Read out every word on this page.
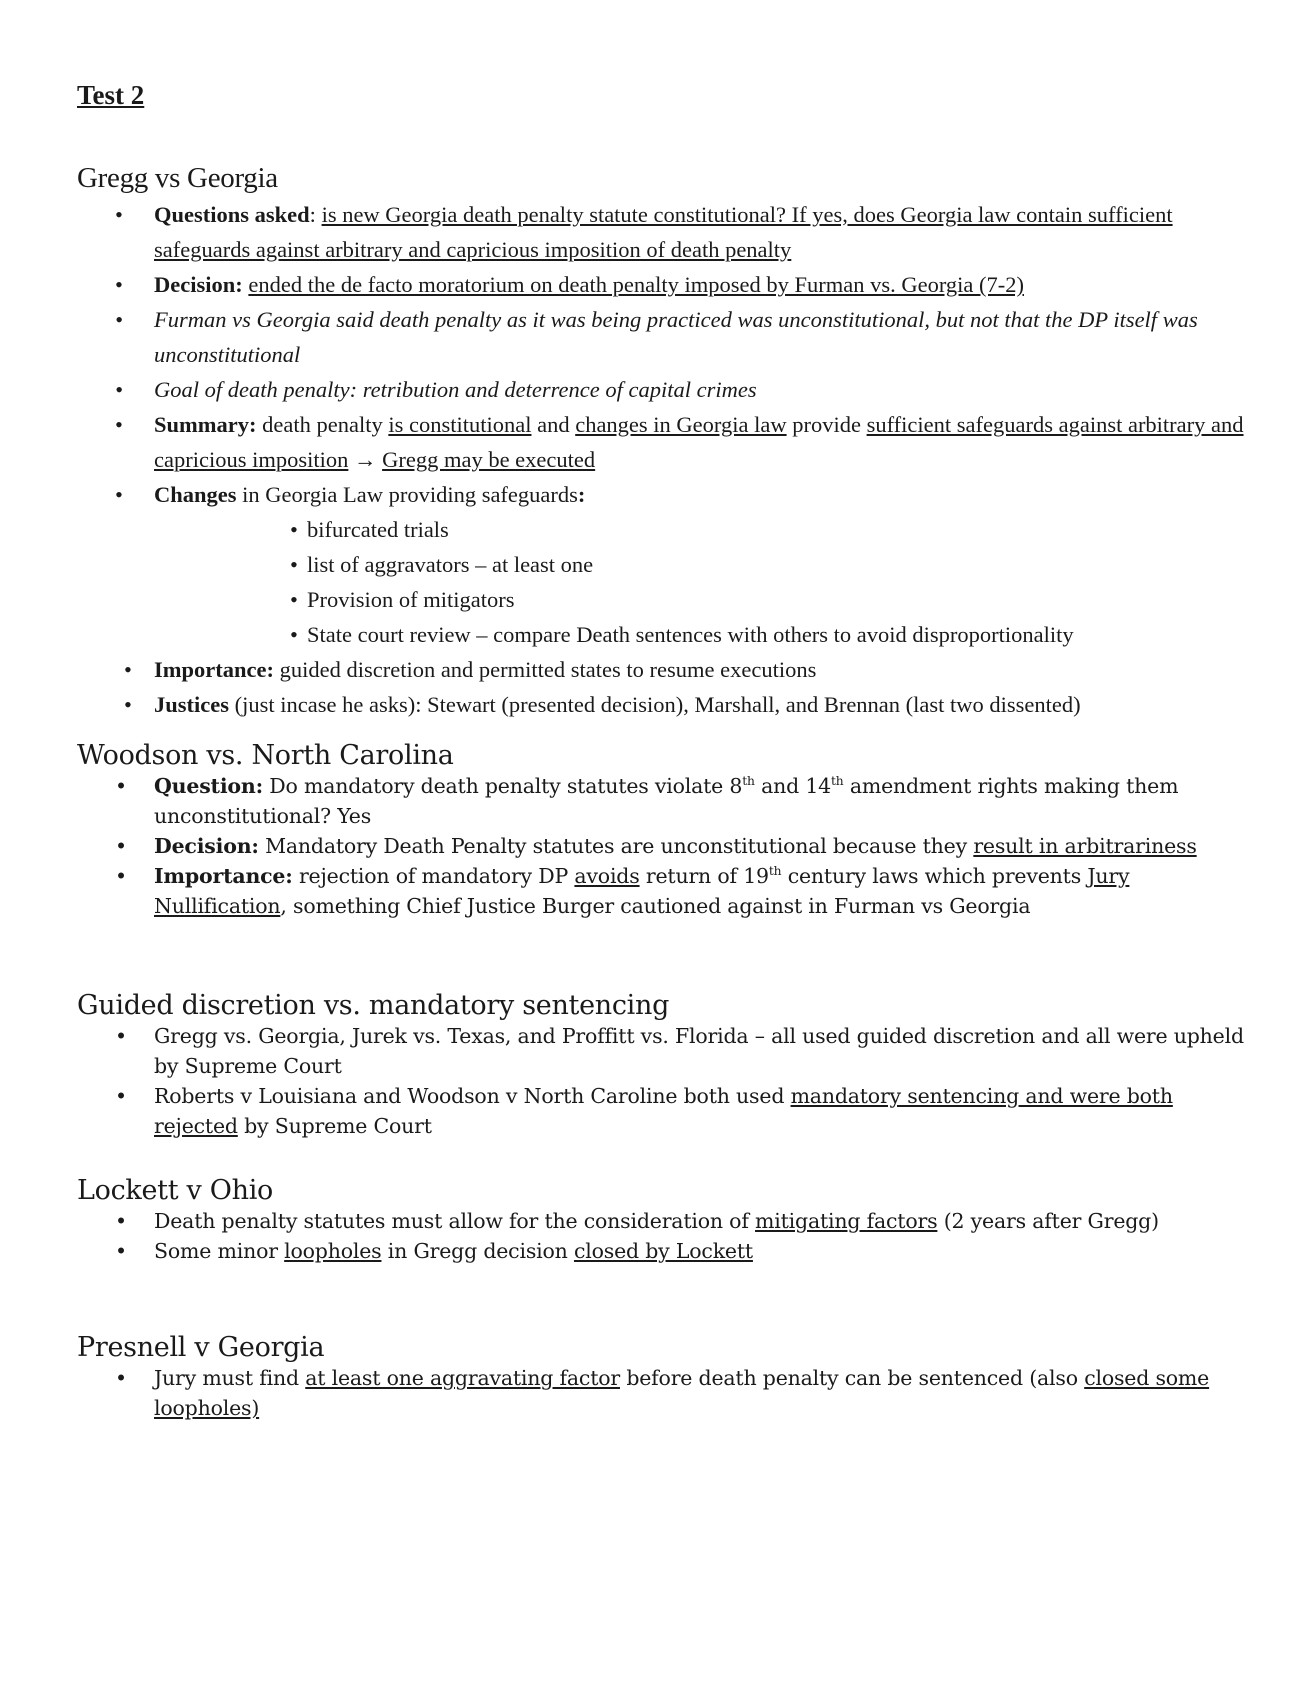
Test 2
Gregg vs Georgia
• Questions asked: is new Georgia death penalty statute constitutional? If yes, does Georgia law contain sufficient safeguards against arbitrary and capricious imposition of death penalty
• Decision: ended the de facto moratorium on death penalty imposed by Furman vs. Georgia (7-2)
• Furman vs Georgia said death penalty as it was being practiced was unconstitutional, but not that the DP itself was unconstitutional
• Goal of death penalty: retribution and deterrence of capital crimes
• Summary: death penalty is constitutional and changes in Georgia law provide sufficient safeguards against arbitrary and capricious imposition → Gregg may be executed
• Changes in Georgia Law providing safeguards:
• bifurcated trials
• list of aggravators – at least one
• Provision of mitigators
• State court review – compare Death sentences with others to avoid disproportionality
• Importance: guided discretion and permitted states to resume executions
• Justices (just incase he asks): Stewart (presented decision), Marshall, and Brennan (last two dissented)
Woodson vs. North Carolina
• Question: Do mandatory death penalty statutes violate 8th and 14th amendment rights making them unconstitutional? Yes
• Decision: Mandatory Death Penalty statutes are unconstitutional because they result in arbitrariness
• Importance: rejection of mandatory DP avoids return of 19th century laws which prevents Jury Nullification, something Chief Justice Burger cautioned against in Furman vs Georgia
Guided discretion vs. mandatory sentencing
• Gregg vs. Georgia, Jurek vs. Texas, and Proffitt vs. Florida – all used guided discretion and all were upheld by Supreme Court
• Roberts v Louisiana and Woodson v North Caroline both used mandatory sentencing and were both rejected by Supreme Court
Lockett v Ohio
• Death penalty statutes must allow for the consideration of mitigating factors (2 years after Gregg)
• Some minor loopholes in Gregg decision closed by Lockett
Presnell v Georgia
• Jury must find at least one aggravating factor before death penalty can be sentenced (also closed some loopholes)
